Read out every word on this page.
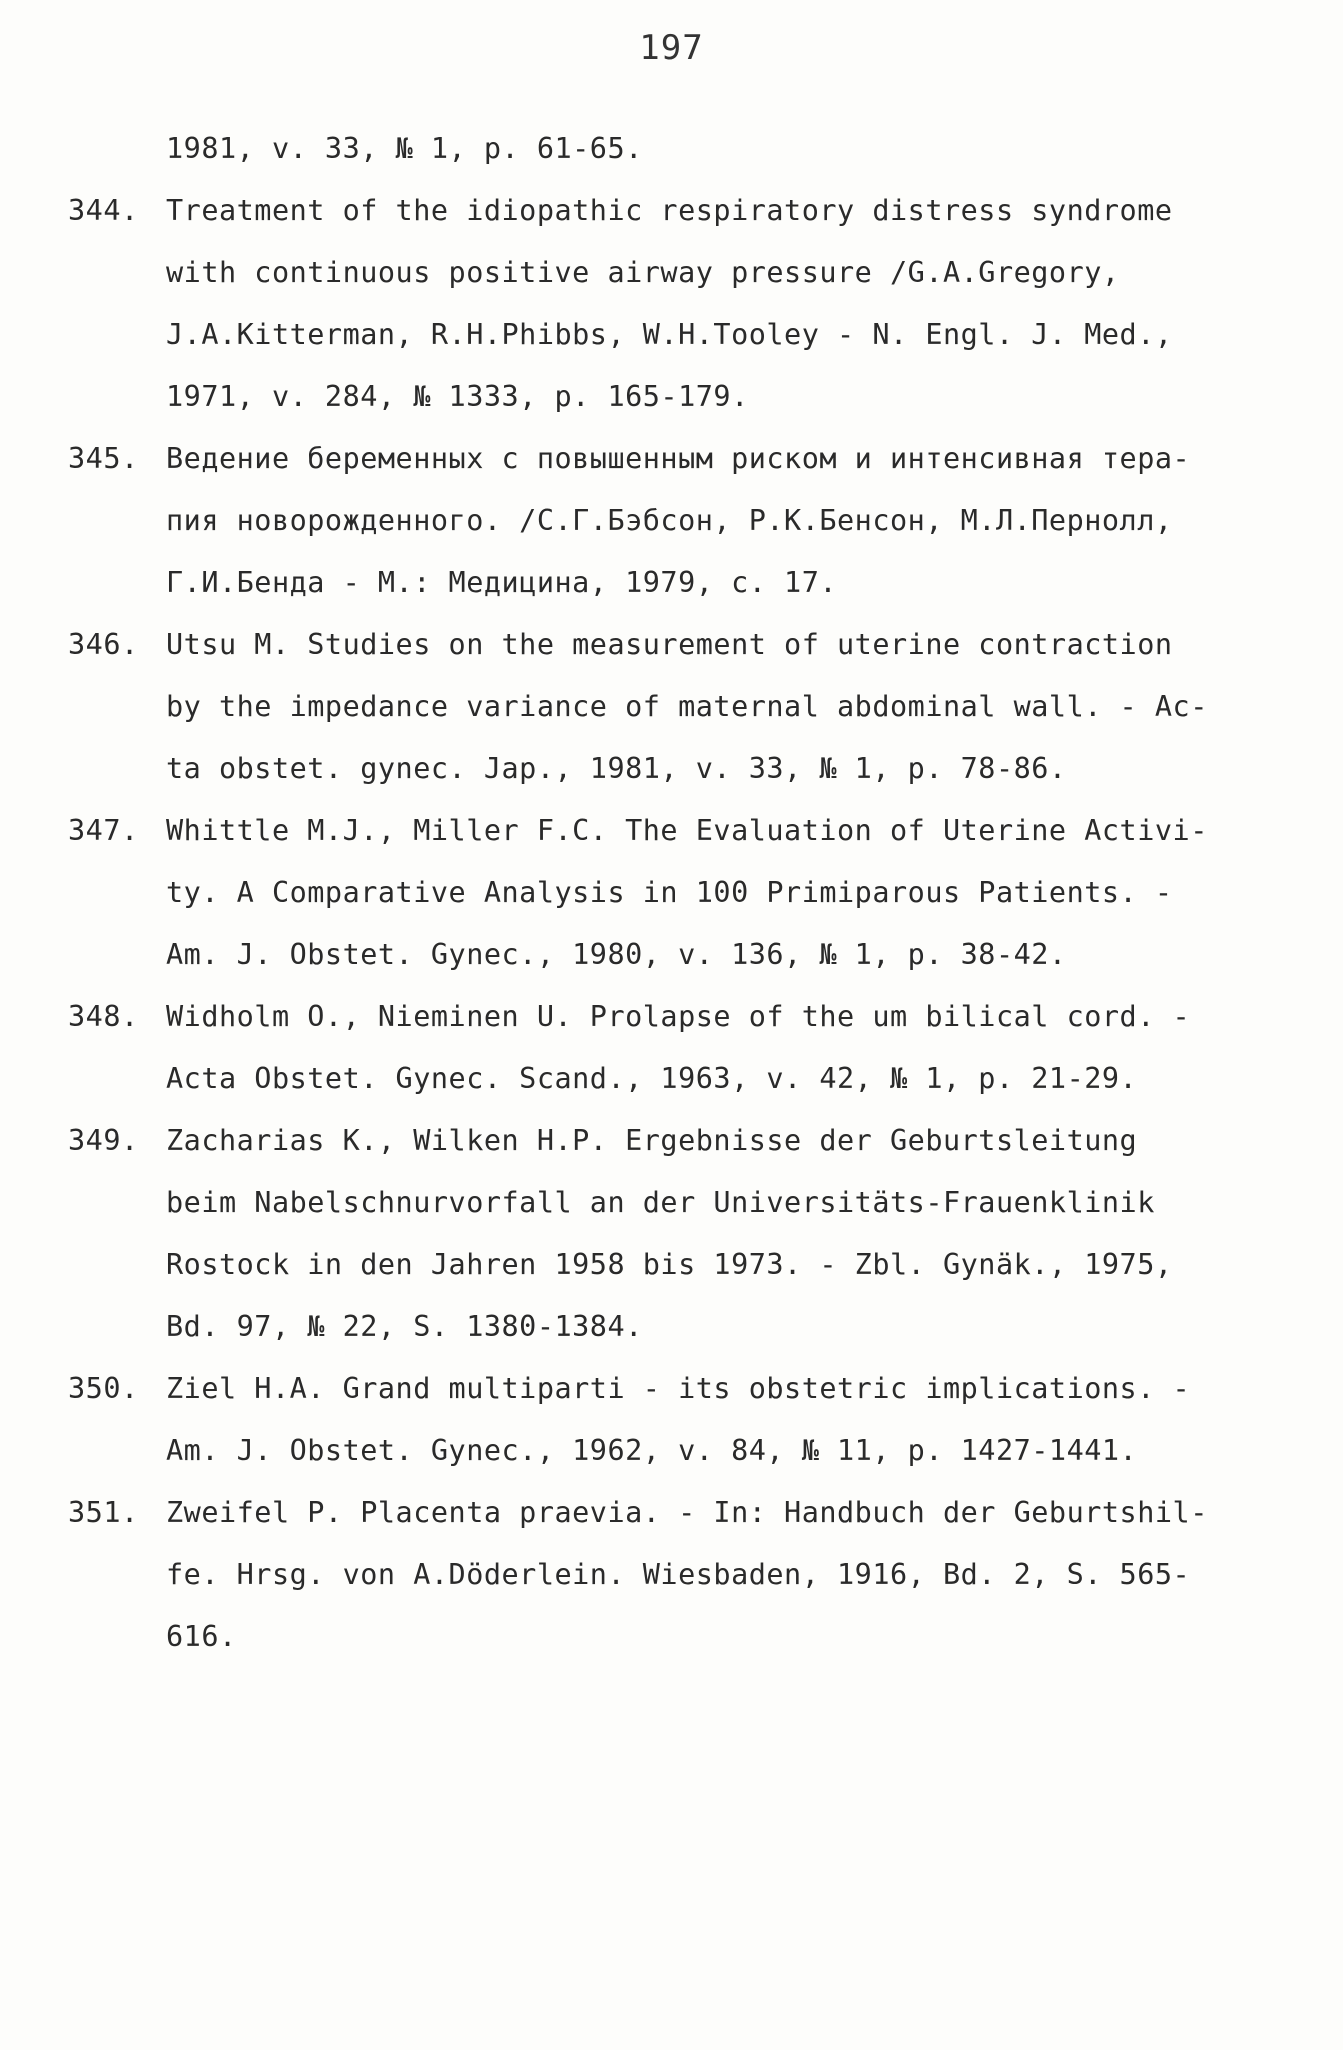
197
1981, v. 33, № 1, p. 61-65.
344. Treatment of the idiopathic respiratory distress syndrome
with continuous positive airway pressure /G.A.Gregory,
J.A.Kitterman, R.H.Phibbs, W.H.Tooley - N. Engl. J. Med.,
1971, v. 284, № 1333, p. 165-179.
345. Ведение беременных с повышенным риском и интенсивная тера-
пия новорожденного. /С.Г.Бэбсон, Р.К.Бенсон, М.Л.Пернолл,
Г.И.Бенда - М.: Медицина, 1979, с. 17.
346. Utsu M. Studies on the measurement of uterine contraction
by the impedance variance of maternal abdominal wall. - Ac-
ta obstet. gynec. Jap., 1981, v. 33, № 1, p. 78-86.
347. Whittle M.J., Miller F.C. The Evaluation of Uterine Activi-
ty. A Comparative Analysis in 100 Primiparous Patients. -
Am. J. Obstet. Gynec., 1980, v. 136, № 1, p. 38-42.
348. Widholm O., Nieminen U. Prolapse of the um bilical cord. -
Acta Obstet. Gynec. Scand., 1963, v. 42, № 1, p. 21-29.
349. Zacharias K., Wilken H.P. Ergebnisse der Geburtsleitung
beim Nabelschnurvorfall an der Universitäts-Frauenklinik
Rostock in den Jahren 1958 bis 1973. - Zbl. Gynäk., 1975,
Bd. 97, № 22, S. 1380-1384.
350. Ziel H.A. Grand multiparti - its obstetric implications. -
Am. J. Obstet. Gynec., 1962, v. 84, № 11, p. 1427-1441.
351. Zweifel P. Placenta praevia. - In: Handbuch der Geburtshil-
fe. Hrsg. von A.Döderlein. Wiesbaden, 1916, Bd. 2, S. 565-
616.
